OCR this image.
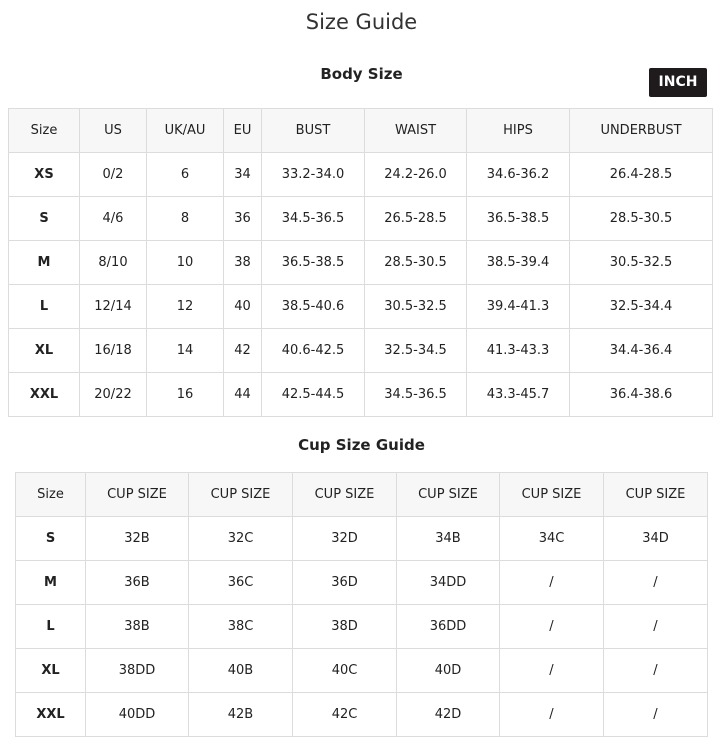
Size Guide
Body Size	INCH
Size	US	UK/AU	EU	BUST	WAIST	HIPS	UNDERBUST
XS	0/2	6	34	33.2-34.0	24.2-26.0	34.6-36.2	26.4-28.5
S	4/6	8	36	34.5-36.5	26.5-28.5	36.5-38.5	28.5-30.5
M	8/10	10	38	36.5-38.5	28.5-30.5	38.5-39.4	30.5-32.5
L	12/14	12	40	38.5-40.6	30.5-32.5	39.4-41.3	32.5-34.4
XL	16/18	14	42	40.6-42.5	32.5-34.5	41.3-43.3	34.4-36.4
XXL	20/22	16	44	42.5-44.5	34.5-36.5	43.3-45.7	36.4-38.6
Cup Size Guide
Size	CUP SIZE	CUP SIZE	CUP SIZE	CUP SIZE	CUP SIZE	CUP SIZE
S	32B	32C	32D	34B	34C	34D
M	36B	36C	36D	34DD	/	/
L	38B	38C	38D	36DD	/	/
XL	38DD	40B	40C	40D	/	/
XXL	40DD	42B	42C	42D	/	/
